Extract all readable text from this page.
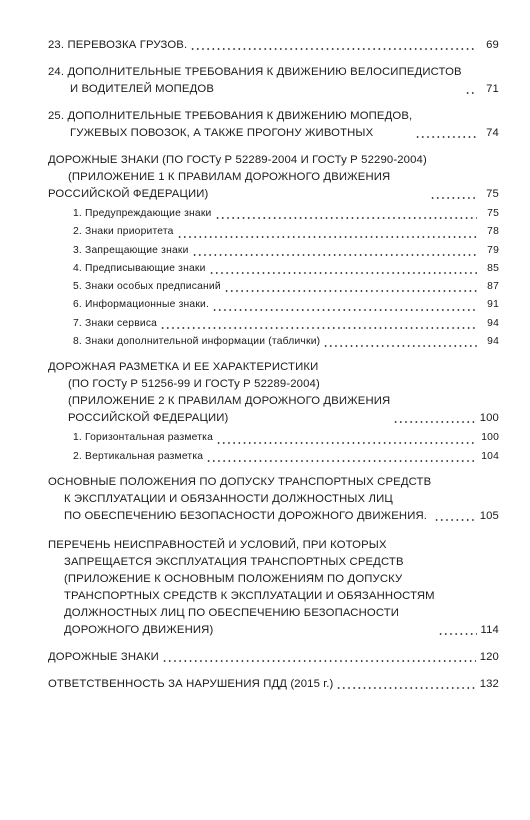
23. ПЕРЕВОЗКА ГРУЗОВ.	69
24. ДОПОЛНИТЕЛЬНЫЕ ТРЕБОВАНИЯ К ДВИЖЕНИЮ ВЕЛОСИПЕДИСТОВ
И ВОДИТЕЛЕЙ МОПЕДОВ	71
25. ДОПОЛНИТЕЛЬНЫЕ ТРЕБОВАНИЯ К ДВИЖЕНИЮ МОПЕДОВ,
ГУЖЕВЫХ ПОВОЗОК, А ТАКЖЕ ПРОГОНУ ЖИВОТНЫХ	74
ДОРОЖНЫЕ ЗНАКИ (ПО ГОСТу Р 52289-2004 И ГОСТу Р 52290-2004)
(ПРИЛОЖЕНИЕ 1 К ПРАВИЛАМ ДОРОЖНОГО ДВИЖЕНИЯ
РОССИЙСКОЙ ФЕДЕРАЦИИ)	75
1. Предупреждающие знаки	75
2. Знаки приоритета	78
3. Запрещающие знаки	79
4. Предписывающие знаки	85
5. Знаки особых предписаний	87
6. Информационные знаки.	91
7. Знаки сервиса	94
8. Знаки дополнительной информации (таблички)	94
ДОРОЖНАЯ РАЗМЕТКА И ЕЕ ХАРАКТЕРИСТИКИ
(ПО ГОСТу Р 51256-99 И ГОСТу Р 52289-2004)
(ПРИЛОЖЕНИЕ 2 К ПРАВИЛАМ ДОРОЖНОГО ДВИЖЕНИЯ
РОССИЙСКОЙ ФЕДЕРАЦИИ)	100
1. Горизонтальная разметка	100
2. Вертикальная разметка	104
ОСНОВНЫЕ ПОЛОЖЕНИЯ ПО ДОПУСКУ ТРАНСПОРТНЫХ СРЕДСТВ
К ЭКСПЛУАТАЦИИ И ОБЯЗАННОСТИ ДОЛЖНОСТНЫХ ЛИЦ
ПО ОБЕСПЕЧЕНИЮ БЕЗОПАСНОСТИ ДОРОЖНОГО ДВИЖЕНИЯ.	105
ПЕРЕЧЕНЬ НЕИСПРАВНОСТЕЙ И УСЛОВИЙ, ПРИ КОТОРЫХ
ЗАПРЕЩАЕТСЯ ЭКСПЛУАТАЦИЯ ТРАНСПОРТНЫХ СРЕДСТВ
(ПРИЛОЖЕНИЕ К ОСНОВНЫМ ПОЛОЖЕНИЯМ ПО ДОПУСКУ
ТРАНСПОРТНЫХ СРЕДСТВ К ЭКСПЛУАТАЦИИ И ОБЯЗАННОСТЯМ
ДОЛЖНОСТНЫХ ЛИЦ ПО ОБЕСПЕЧЕНИЮ БЕЗОПАСНОСТИ
ДОРОЖНОГО ДВИЖЕНИЯ)	114
ДОРОЖНЫЕ ЗНАКИ	120
ОТВЕТСТВЕННОСТЬ ЗА НАРУШЕНИЯ ПДД (2015 г.)	132
